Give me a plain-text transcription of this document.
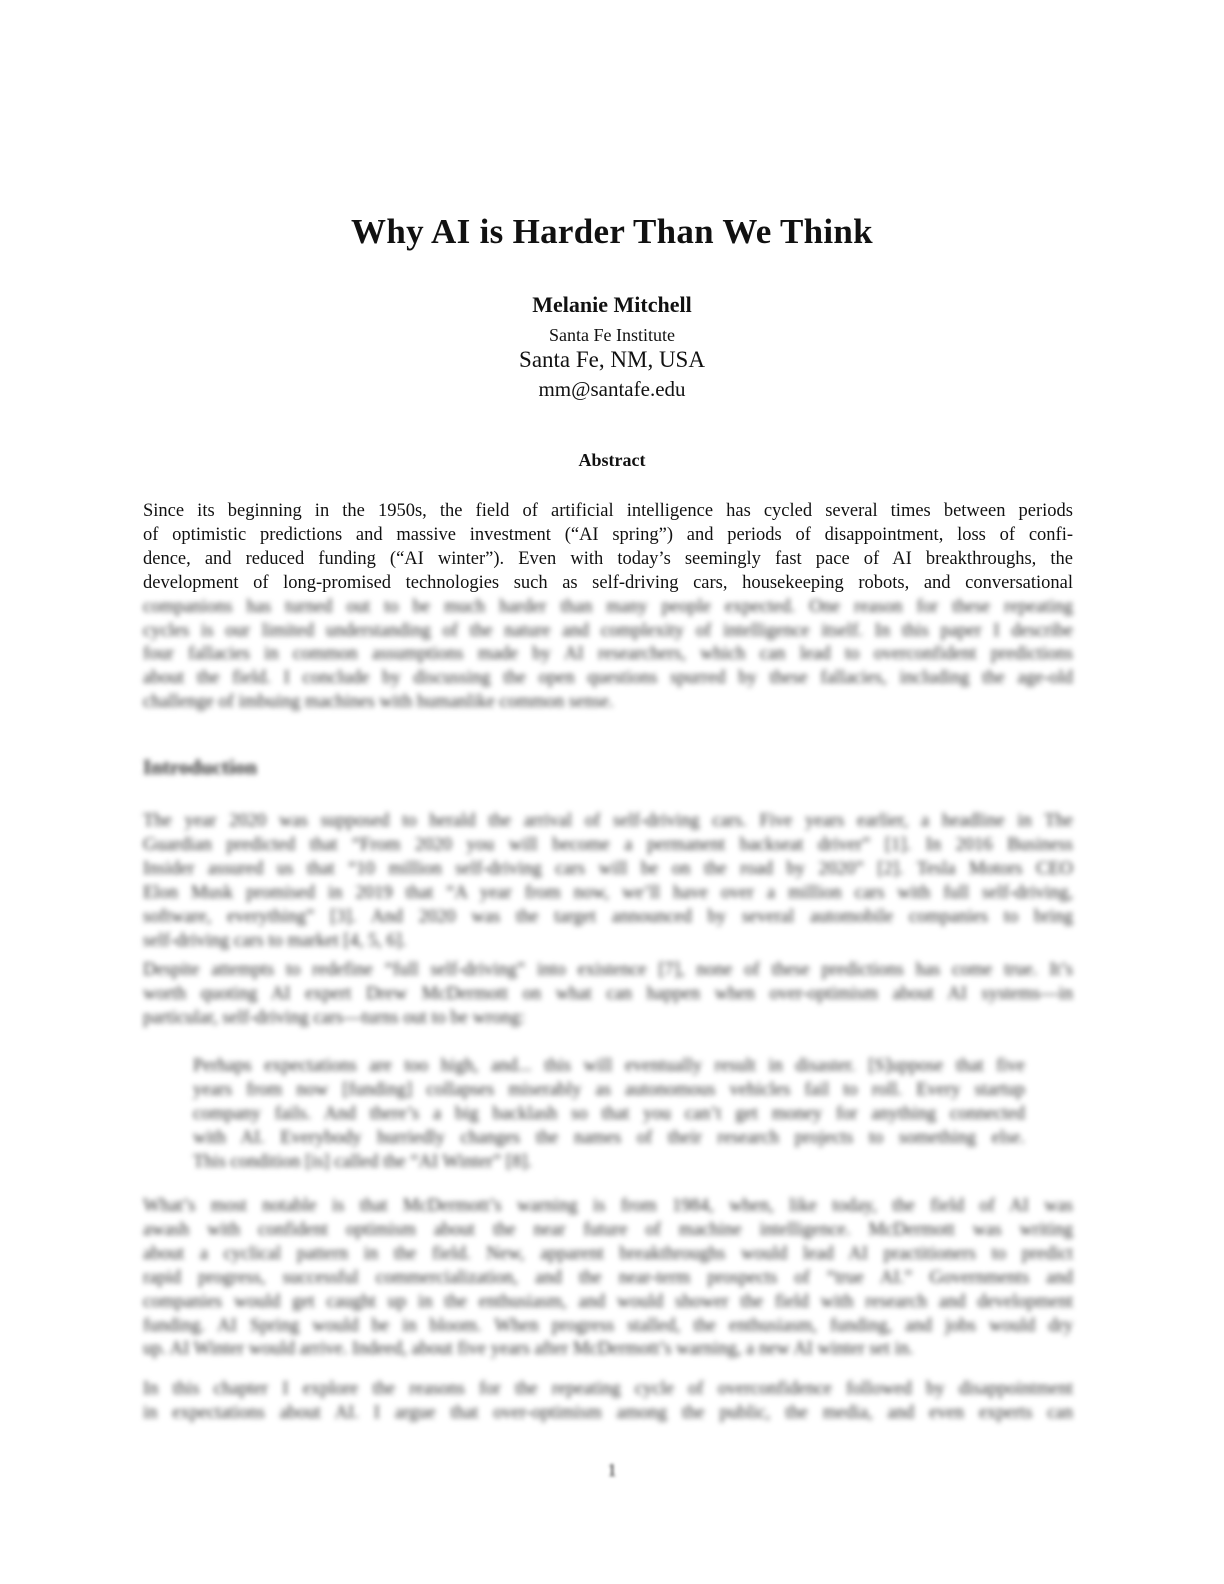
Why AI is Harder Than We Think
Melanie Mitchell
Santa Fe Institute
Santa Fe, NM, USA
mm@santafe.edu
Abstract
Since its beginning in the 1950s, the field of artificial intelligence has cycled several times between periods
of optimistic predictions and massive investment (“AI spring”) and periods of disappointment, loss of confi-
dence, and reduced funding (“AI winter”). Even with today’s seemingly fast pace of AI breakthroughs, the
development of long-promised technologies such as self-driving cars, housekeeping robots, and conversational
companions has turned out to be much harder than many people expected. One reason for these repeating
cycles is our limited understanding of the nature and complexity of intelligence itself. In this paper I describe
four fallacies in common assumptions made by AI researchers, which can lead to overconfident predictions
about the field. I conclude by discussing the open questions spurred by these fallacies, including the age-old
challenge of imbuing machines with humanlike common sense.
The year 2020 was supposed to herald the arrival of self-driving cars. Five years earlier, a headline in The
Guardian predicted that “From 2020 you will become a permanent backseat driver” [1]. In 2016 Business
Insider assured us that “10 million self-driving cars will be on the road by 2020” [2]. Tesla Motors CEO
Elon Musk promised in 2019 that “A year from now, we’ll have over a million cars with full self-driving,
software, everything” [3]. And 2020 was the target announced by several automobile companies to bring
self-driving cars to market [4, 5, 6].
Despite attempts to redefine “full self-driving” into existence [7], none of these predictions has come true. It’s
worth quoting AI expert Drew McDermott on what can happen when over-optimism about AI systems—in
particular, self-driving cars—turns out to be wrong:
Perhaps expectations are too high, and... this will eventually result in disaster. [S]uppose that five
years from now [funding] collapses miserably as autonomous vehicles fail to roll. Every startup
company fails. And there’s a big backlash so that you can’t get money for anything connected
with AI. Everybody hurriedly changes the names of their research projects to something else.
This condition [is] called the “AI Winter” [8].
What’s most notable is that McDermott’s warning is from 1984, when, like today, the field of AI was
awash with confident optimism about the near future of machine intelligence. McDermott was writing
about a cyclical pattern in the field. New, apparent breakthroughs would lead AI practitioners to predict
rapid progress, successful commercialization, and the near-term prospects of “true AI.” Governments and
companies would get caught up in the enthusiasm, and would shower the field with research and development
funding. AI Spring would be in bloom. When progress stalled, the enthusiasm, funding, and jobs would dry
up. AI Winter would arrive. Indeed, about five years after McDermott’s warning, a new AI winter set in.
In this chapter I explore the reasons for the repeating cycle of overconfidence followed by disappointment
in expectations about AI. I argue that over-optimism among the public, the media, and even experts can
Introduction
1
